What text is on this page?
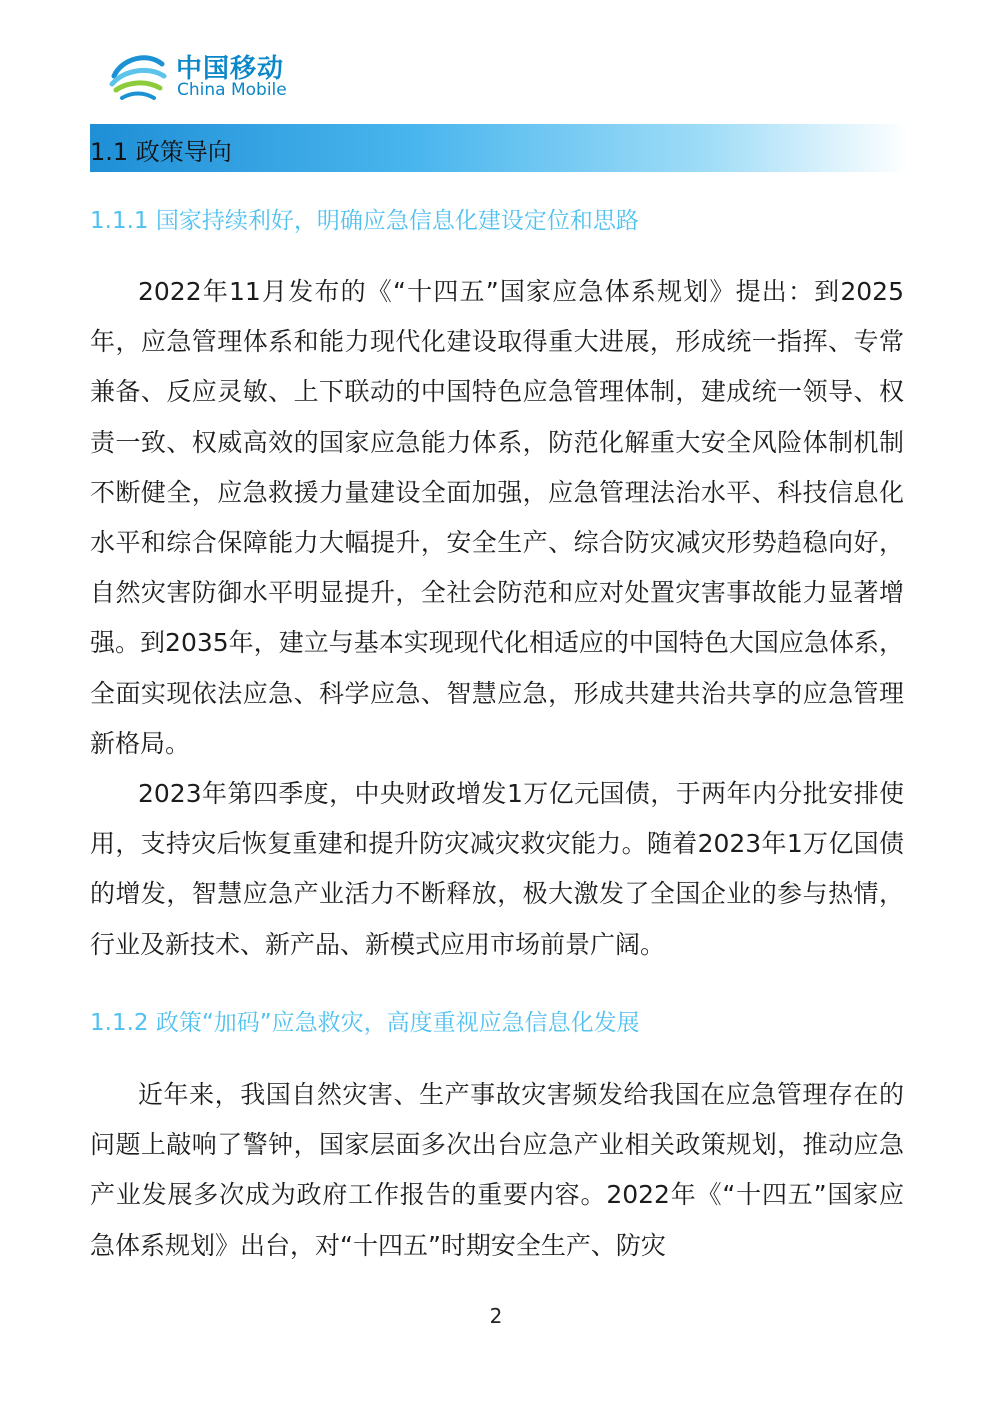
中国移动
China Mobile
1.1 政策导向
1.1.1 国家持续利好，明确应急信息化建设定位和思路

2022年11月发布的《“十四五”国家应急体系规划》提出：到2025年，应急管理体系和能力现代化建设取得重大进展，形成统一指挥、专常兼备、反应灵敏、上下联动的中国特色应急管理体制，建成统一领导、权责一致、权威高效的国家应急能力体系，防范化解重大安全风险体制机制不断健全，应急救援力量建设全面加强，应急管理法治水平、科技信息化水平和综合保障能力大幅提升，安全生产、综合防灾减灾形势趋稳向好，自然灾害防御水平明显提升，全社会防范和应对处置灾害事故能力显著增强。到2035年，建立与基本实现现代化相适应的中国特色大国应急体系，全面实现依法应急、科学应急、智慧应急，形成共建共治共享的应急管理新格局。

2023年第四季度，中央财政增发1万亿元国债，于两年内分批安排使用，支持灾后恢复重建和提升防灾减灾救灾能力。随着2023年1万亿国债的增发，智慧应急产业活力不断释放，极大激发了全国企业的参与热情，行业及新技术、新产品、新模式应用市场前景广阔。

1.1.2 政策“加码”应急救灾，高度重视应急信息化发展

近年来，我国自然灾害、生产事故灾害频发给我国在应急管理存在的问题上敲响了警钟，国家层面多次出台应急产业相关政策规划，推动应急产业发展多次成为政府工作报告的重要内容。2022年《“十四五”国家应急体系规划》出台，对“十四五”时期安全生产、防灾

2
